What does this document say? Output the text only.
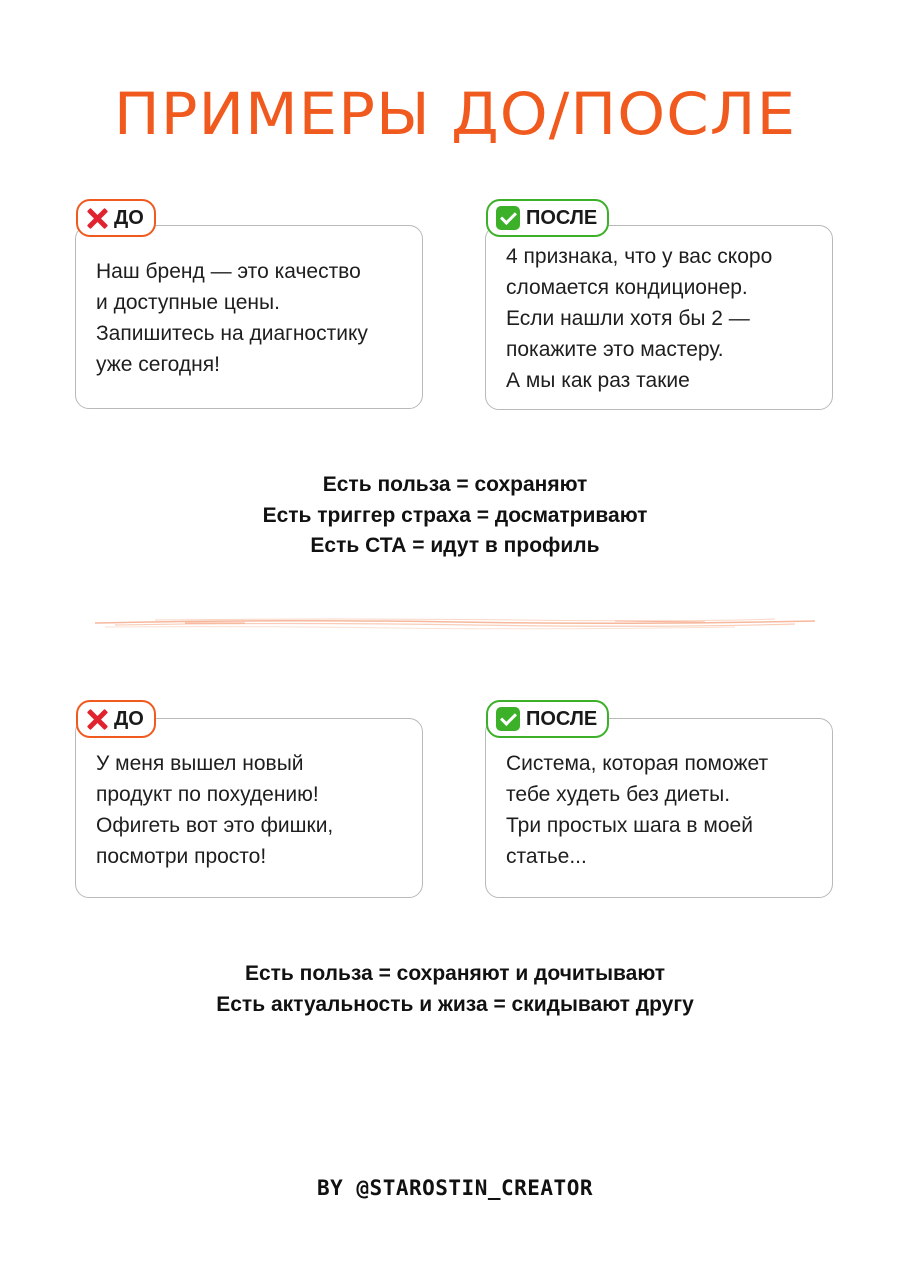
ПРИМЕРЫ ДО/ПОСЛЕ
ДО

Наш бренд — это качество
и доступные цены.
Запишитесь на диагностику
уже сегодня!

ПОСЛЕ

4 признака, что у вас скоро
сломается кондиционер.
Если нашли хотя бы 2 —
покажите это мастеру.
А мы как раз такие

Есть польза = сохраняют
Есть триггер страха = досматривают
Есть СТА = идут в профиль
ДО

У меня вышел новый
продукт по похудению!
Офигеть вот это фишки,
посмотри просто!

ПОСЛЕ

Система, которая поможет
тебе худеть без диеты.
Три простых шага в моей
статье...

Есть польза = сохраняют и дочитывают
Есть актуальность и жиза = скидывают другу
BY @STAROSTIN_CREATOR
